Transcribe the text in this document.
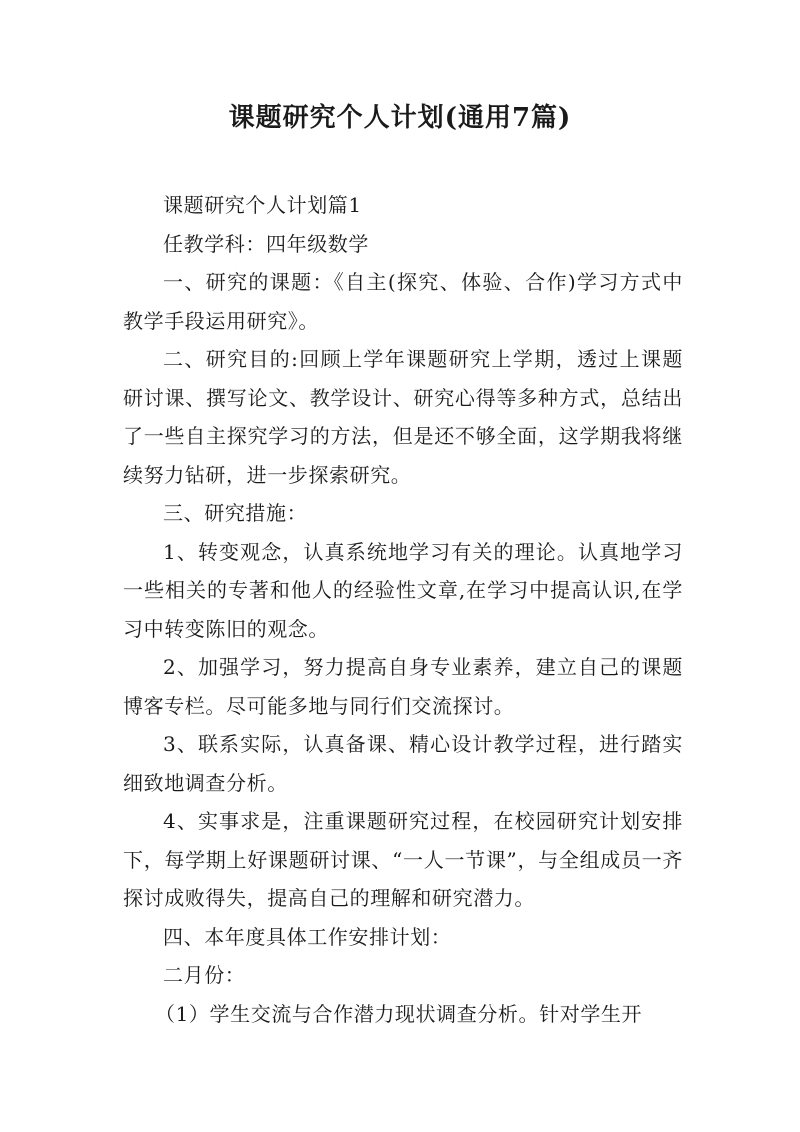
课题研究个人计划(通用7篇)

课题研究个人计划篇1

任教学科：四年级数学

一、研究的课题：《自主(探究、体验、合作)学习方式中教学手段运用研究》。

二、研究目的:回顾上学年课题研究上学期，透过上课题研讨课、撰写论文、教学设计、研究心得等多种方式，总结出了一些自主探究学习的方法，但是还不够全面，这学期我将继续努力钻研，进一步探索研究。

三、研究措施：

1、转变观念，认真系统地学习有关的理论。认真地学习一些相关的专著和他人的经验性文章,在学习中提高认识,在学习中转变陈旧的观念。

2、加强学习，努力提高自身专业素养，建立自己的课题博客专栏。尽可能多地与同行们交流探讨。

3、联系实际，认真备课、精心设计教学过程，进行踏实细致地调查分析。

4、实事求是，注重课题研究过程，在校园研究计划安排下，每学期上好课题研讨课、“一人一节课”，与全组成员一齐探讨成败得失，提高自己的理解和研究潜力。

四、本年度具体工作安排计划：

二月份：

（1）学生交流与合作潜力现状调查分析。针对学生开
